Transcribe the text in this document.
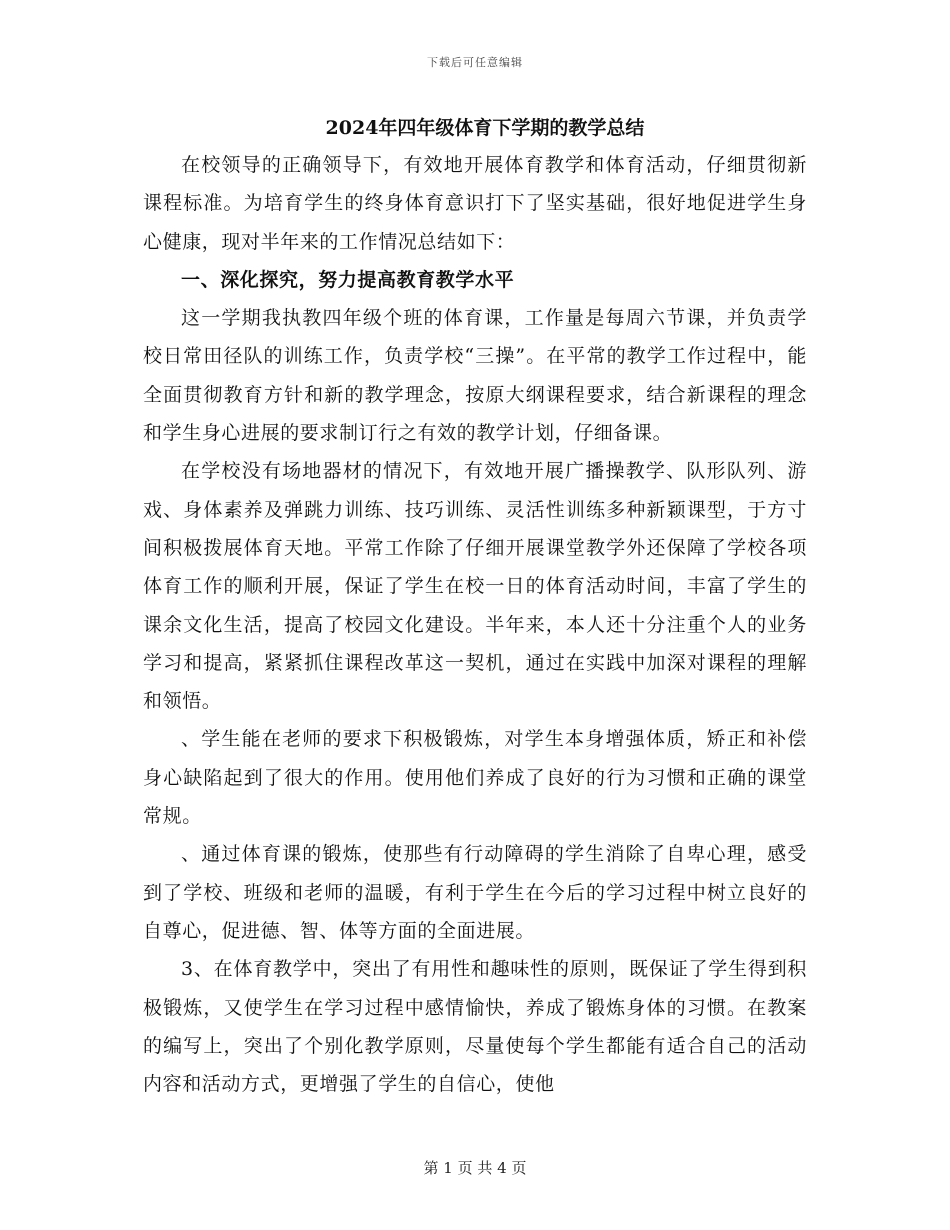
下载后可任意编辑
2024年四年级体育下学期的教学总结

在校领导的正确领导下，有效地开展体育教学和体育活动，仔细贯彻新课程标准。为培育学生的终身体育意识打下了坚实基础，很好地促进学生身心健康，现对半年来的工作情况总结如下：

一、深化探究，努力提高教育教学水平

这一学期我执教四年级个班的体育课，工作量是每周六节课，并负责学校日常田径队的训练工作，负责学校“三操”。在平常的教学工作过程中，能全面贯彻教育方针和新的教学理念，按原大纲课程要求，结合新课程的理念和学生身心进展的要求制订行之有效的教学计划，仔细备课。

在学校没有场地器材的情况下，有效地开展广播操教学、队形队列、游戏、身体素养及弹跳力训练、技巧训练、灵活性训练多种新颖课型，于方寸间积极拨展体育天地。平常工作除了仔细开展课堂教学外还保障了学校各项体育工作的顺利开展，保证了学生在校一日的体育活动时间，丰富了学生的课余文化生活，提高了校园文化建设。半年来，本人还十分注重个人的业务学习和提高，紧紧抓住课程改革这一契机，通过在实践中加深对课程的理解和领悟。

、学生能在老师的要求下积极锻炼，对学生本身增强体质，矫正和补偿身心缺陷起到了很大的作用。使用他们养成了良好的行为习惯和正确的课堂常规。

、通过体育课的锻炼，使那些有行动障碍的学生消除了自卑心理，感受到了学校、班级和老师的温暖，有利于学生在今后的学习过程中树立良好的自尊心，促进德、智、体等方面的全面进展。

3、在体育教学中，突出了有用性和趣味性的原则，既保证了学生得到积极锻炼，又使学生在学习过程中感情愉快，养成了锻炼身体的习惯。在教案的编写上，突出了个别化教学原则，尽量使每个学生都能有适合自己的活动内容和活动方式，更增强了学生的自信心，使他

第 1 页 共 4 页
